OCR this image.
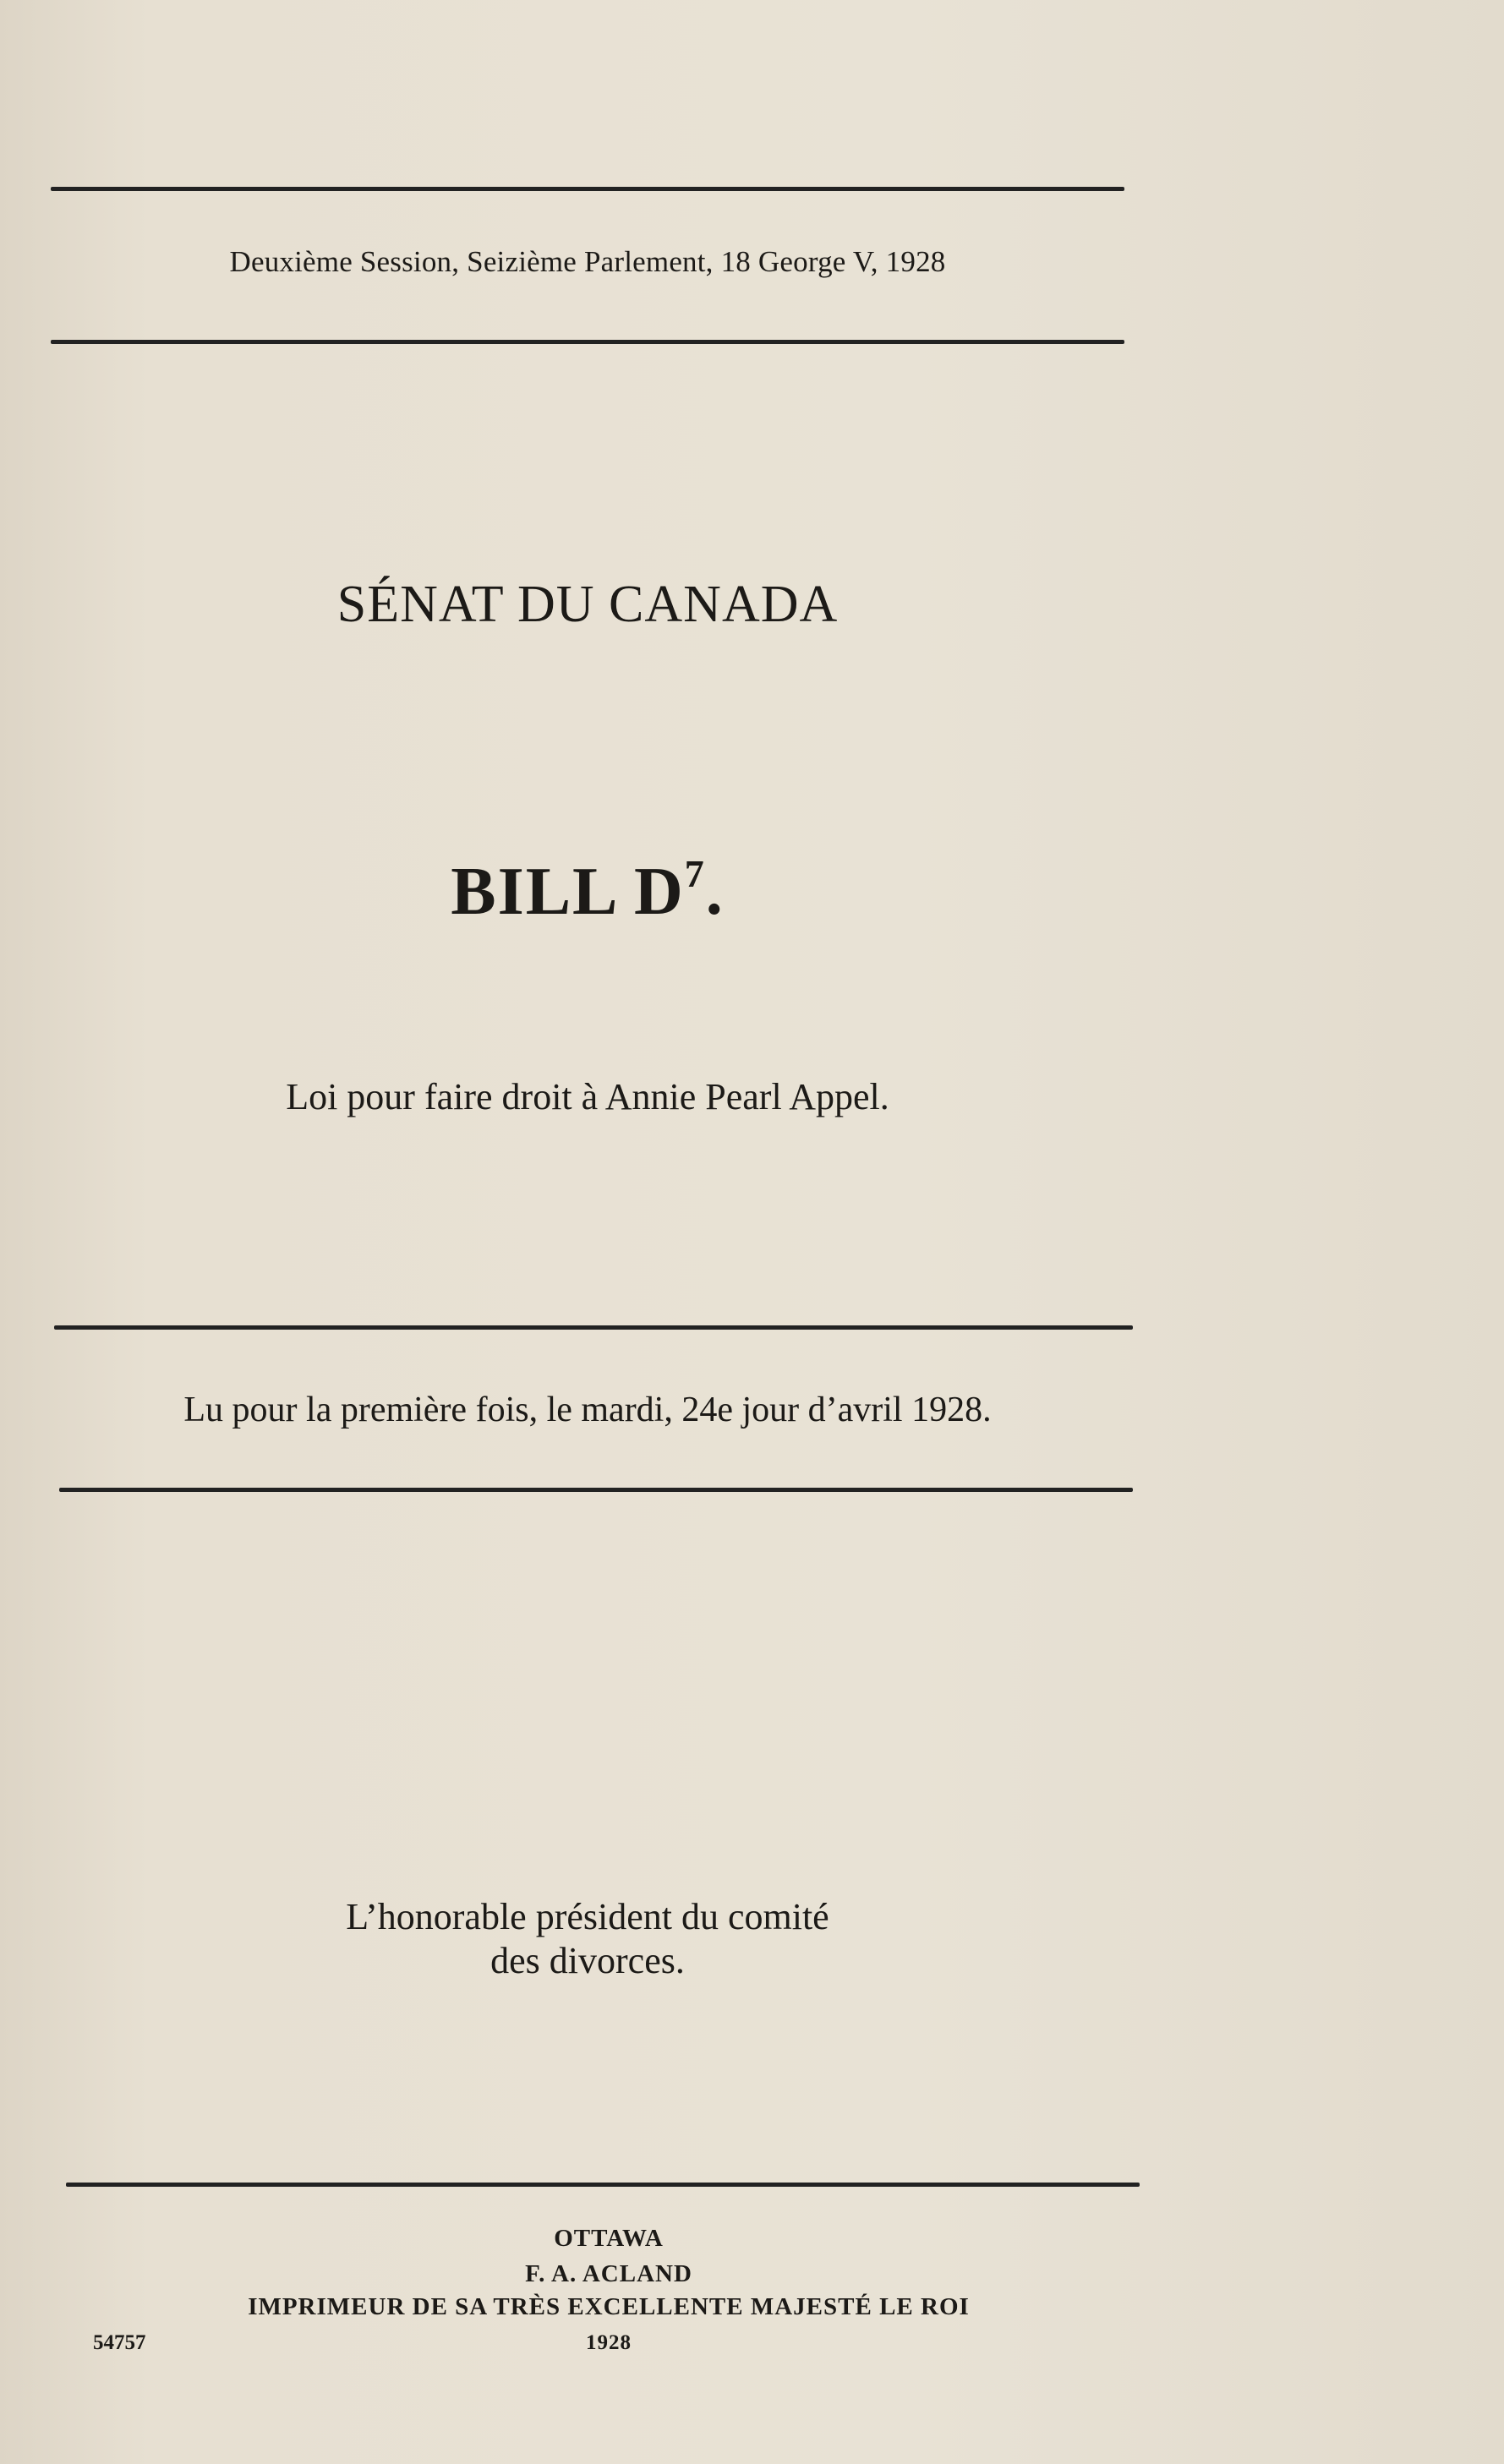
Deuxième Session, Seizième Parlement, 18 George V, 1928
SÉNAT DU CANADA
BILL $D^7$.
Loi pour faire droit à Annie Pearl Appel.
Lu pour la première fois, le mardi, 24e jour d’avril 1928.
L’honorable président du comité
des divorces.
OTTAWA
F. A. ACLAND
IMPRIMEUR DE SA TRÈS EXCELLENTE MAJESTÉ LE ROI
1928
54757
